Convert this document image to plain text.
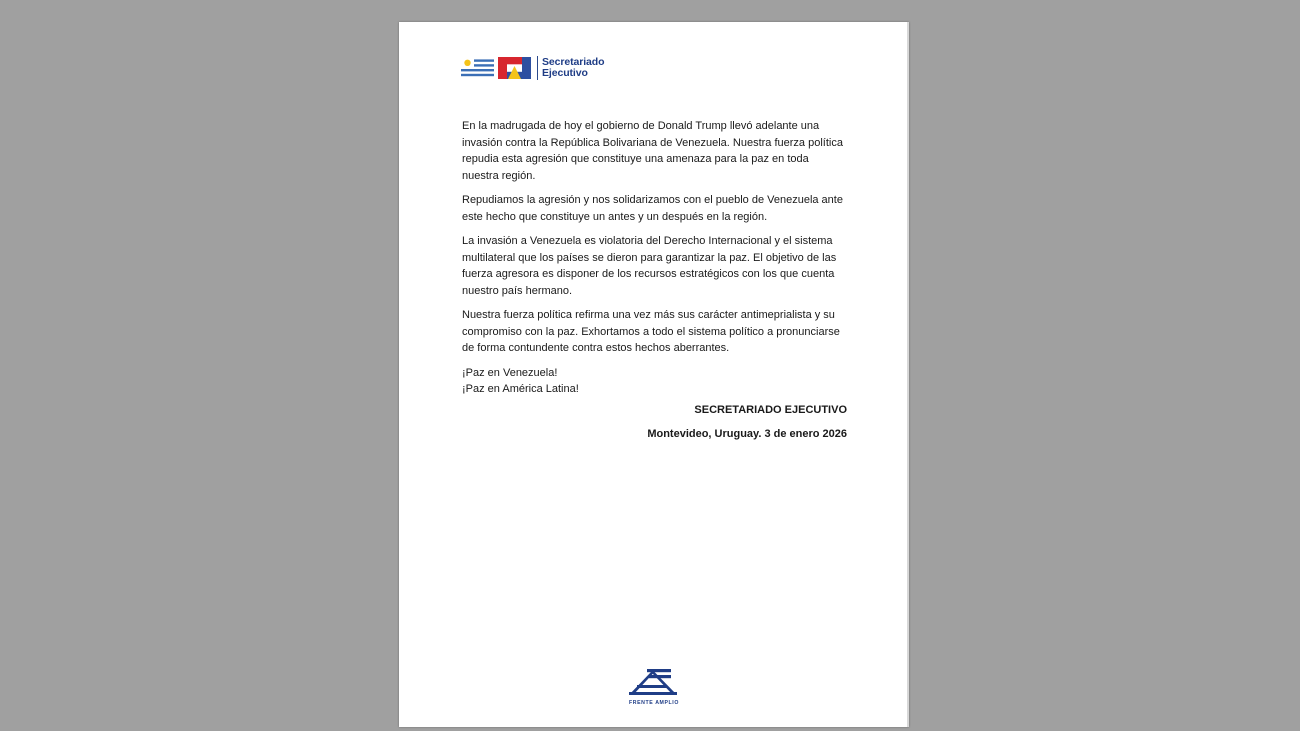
Secretariado
Ejecutivo

En la madrugada de hoy el gobierno de Donald Trump llevó adelante una invasión contra la República Bolivariana de Venezuela. Nuestra fuerza política repudia esta agresión que constituye una amenaza para la paz en toda nuestra región.

Repudiamos la agresión y nos solidarizamos con el pueblo de Venezuela ante este hecho que constituye un antes y un después en la región.

La invasión a Venezuela es violatoria del Derecho Internacional y el sistema multilateral que los países se dieron para garantizar la paz. El objetivo de las fuerza agresora es disponer de los recursos estratégicos con los que cuenta nuestro país hermano.

Nuestra fuerza política refirma una vez más sus carácter antimeprialista y su compromiso con la paz. Exhortamos a todo el sistema político a pronunciarse de forma contundente contra estos hechos aberrantes.

¡Paz en Venezuela!
¡Paz en América Latina!

SECRETARIADO EJECUTIVO

Montevideo, Uruguay. 3 de enero 2026

FRENTE AMPLIO
